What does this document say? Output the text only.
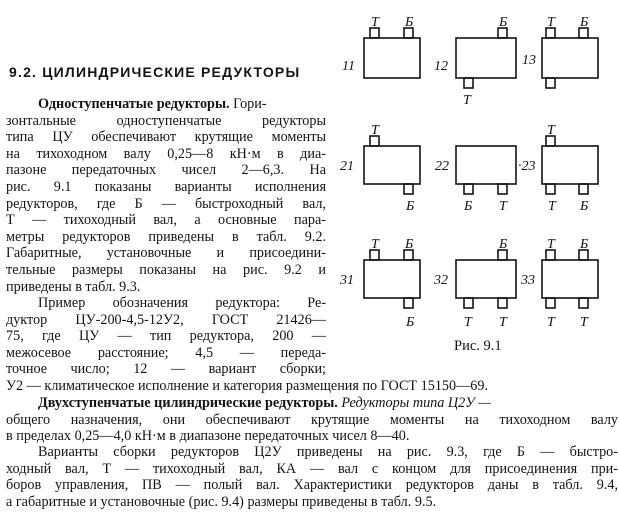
9.2. ЦИЛИНДРИЧЕСКИЕ РЕДУКТОРЫ
Одноступенчатые редукторы. Гори-
зонтальные одноступенчатые редукторы
типа ЦУ обеспечивают крутящие моменты
на тихоходном валу 0,25—8 кН·м в диа-
пазоне передаточных чисел 2—6,3. На
рис. 9.1 показаны варианты исполнения
редукторов, где Б — быстроходный вал,
Т — тихоходный вал, а основные пара-
метры редукторов приведены в табл. 9.2.
Габаритные, установочные и присоедини-
тельные размеры показаны на рис. 9.2 и
приведены в табл. 9.3.
Пример обозначения редуктора: Ре-
дуктор ЦУ-200-4,5-12У2, ГОСТ 21426—
75, где ЦУ — тип редуктора, 200 —
межосевое расстояние; 4,5 — переда-
точное число; 12 — вариант сборки;
У2 — климатическое исполнение и категория размещения по ГОСТ 15150—69.
Двухступенчатые цилиндрические редукторы. Редукторы типа Ц2У —
общего назначения, они обеспечивают крутящие моменты на тихоходном валу
в пределах 0,25—4,0 кН·м в диапазоне передаточных чисел 8—40.
Варианты сборки редукторов Ц2У приведены на рис. 9.3, где Б — быстро-
ходный вал, Т — тихоходный вал, КА — вал с концом для присоединения при-
боров управления, ПВ — полый вал. Характеристики редукторов даны в табл. 9.4,
а габаритные и установочные (рис. 9.4) размеры приведены в табл. 9.5.
11
Т Б
12
Б
Т
13
Т Б
21
Т
Б
22
Б Т
·23
Т
Т Б
31
Т Б
Б
32
Б
Т Т
33
Т Б
Т Т
Рис. 9.1
